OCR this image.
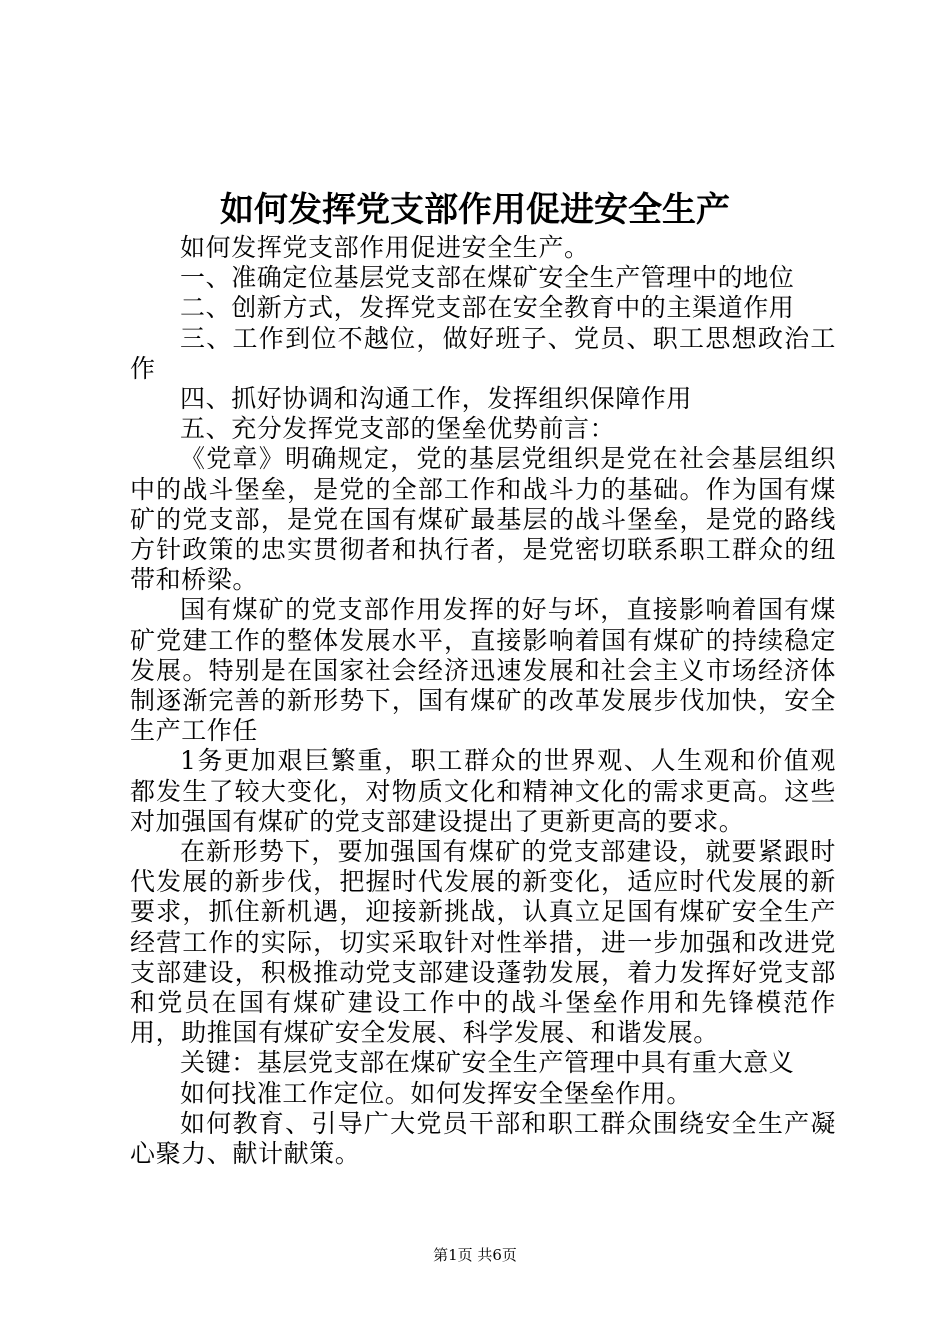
如何发挥党支部作用促进安全生产

如何发挥党支部作用促进安全生产。

一、准确定位基层党支部在煤矿安全生产管理中的地位

二、创新方式，发挥党支部在安全教育中的主渠道作用

三、工作到位不越位，做好班子、党员、职工思想政治工作

四、抓好协调和沟通工作，发挥组织保障作用

五、充分发挥党支部的堡垒优势前言：

《党章》明确规定，党的基层党组织是党在社会基层组织中的战斗堡垒，是党的全部工作和战斗力的基础。作为国有煤矿的党支部，是党在国有煤矿最基层的战斗堡垒，是党的路线方针政策的忠实贯彻者和执行者，是党密切联系职工群众的纽带和桥梁。

国有煤矿的党支部作用发挥的好与坏，直接影响着国有煤矿党建工作的整体发展水平，直接影响着国有煤矿的持续稳定发展。特别是在国家社会经济迅速发展和社会主义市场经济体制逐渐完善的新形势下，国有煤矿的改革发展步伐加快，安全生产工作任

1务更加艰巨繁重，职工群众的世界观、人生观和价值观都发生了较大变化，对物质文化和精神文化的需求更高。这些对加强国有煤矿的党支部建设提出了更新更高的要求。

在新形势下，要加强国有煤矿的党支部建设，就要紧跟时代发展的新步伐，把握时代发展的新变化，适应时代发展的新要求，抓住新机遇，迎接新挑战，认真立足国有煤矿安全生产经营工作的实际，切实采取针对性举措，进一步加强和改进党支部建设，积极推动党支部建设蓬勃发展，着力发挥好党支部和党员在国有煤矿建设工作中的战斗堡垒作用和先锋模范作用，助推国有煤矿安全发展、科学发展、和谐发展。

关键：基层党支部在煤矿安全生产管理中具有重大意义

如何找准工作定位。如何发挥安全堡垒作用。

如何教育、引导广大党员干部和职工群众围绕安全生产凝心聚力、献计献策。

第1页 共6页
